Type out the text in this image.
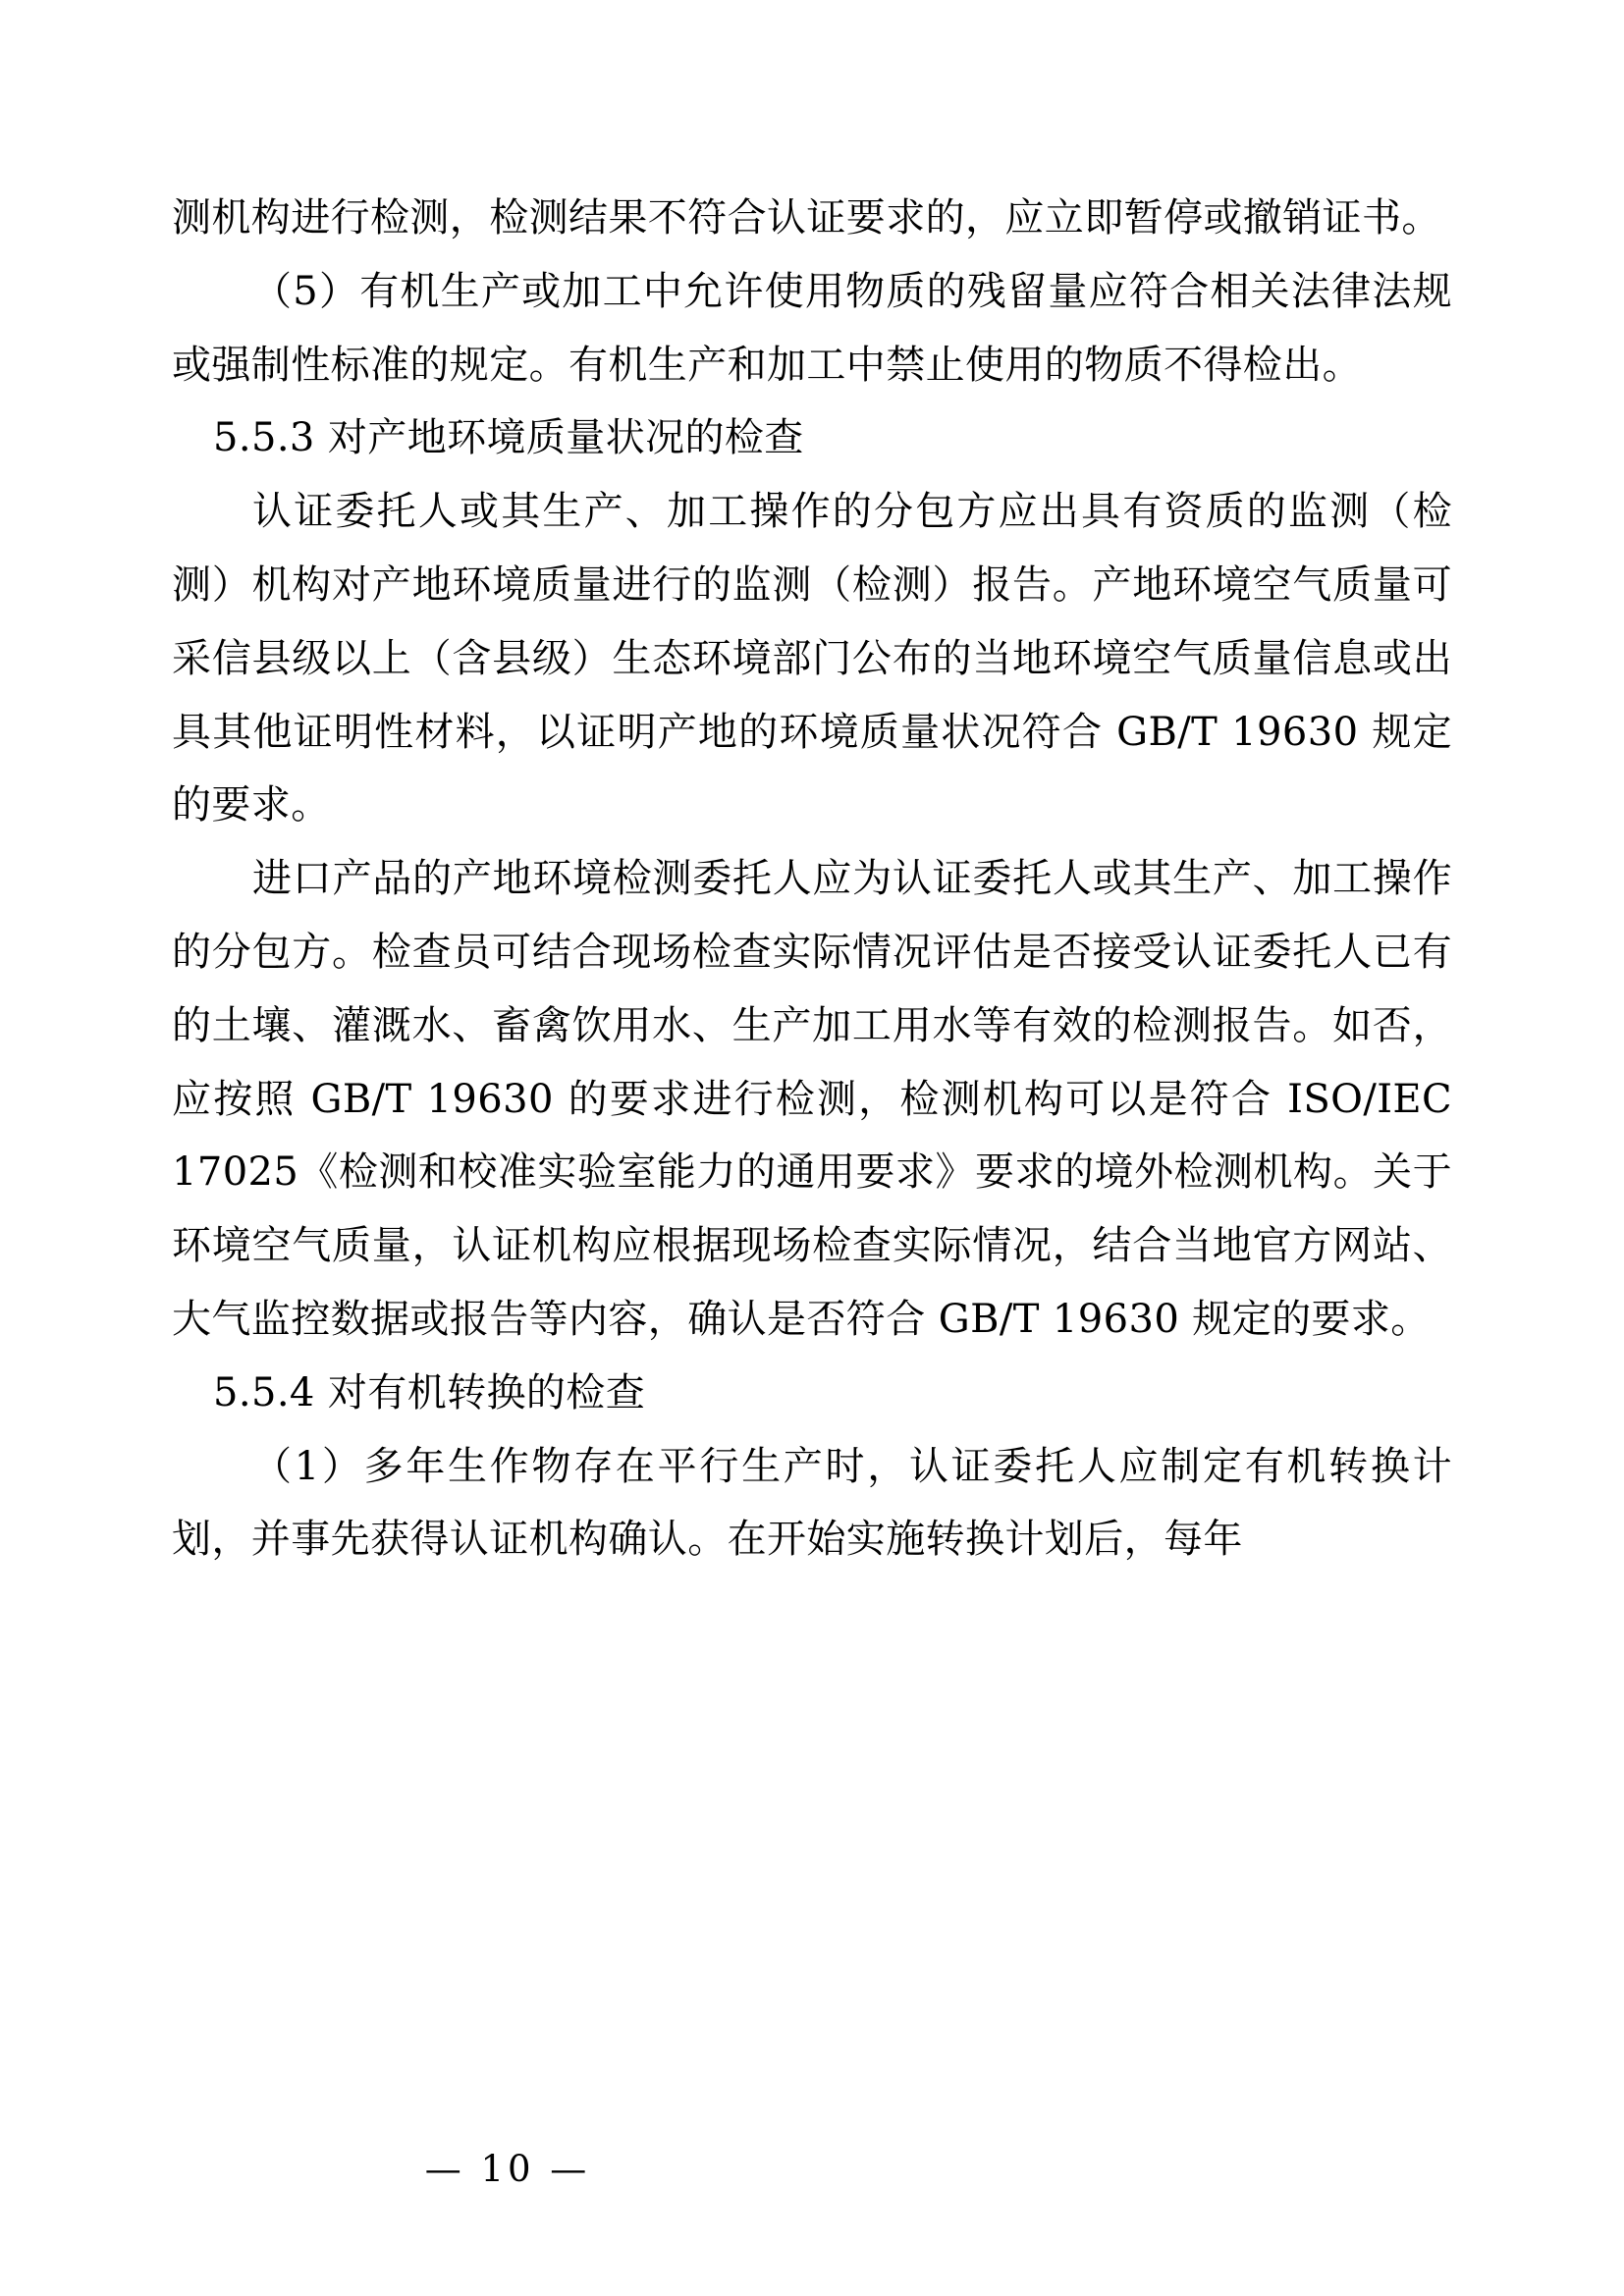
测机构进行检测，检测结果不符合认证要求的，应立即暂停或撤销证书。

（5）有机生产或加工中允许使用物质的残留量应符合相关法律法规或强制性标准的规定。有机生产和加工中禁止使用的物质不得检出。

5.5.3 对产地环境质量状况的检查

认证委托人或其生产、加工操作的分包方应出具有资质的监测（检测）机构对产地环境质量进行的监测（检测）报告。产地环境空气质量可采信县级以上（含县级）生态环境部门公布的当地环境空气质量信息或出具其他证明性材料，以证明产地的环境质量状况符合 GB/T 19630 规定的要求。

进口产品的产地环境检测委托人应为认证委托人或其生产、加工操作的分包方。检查员可结合现场检查实际情况评估是否接受认证委托人已有的土壤、灌溉水、畜禽饮用水、生产加工用水等有效的检测报告。如否，应按照 GB/T 19630 的要求进行检测，检测机构可以是符合 ISO/IEC 17025《检测和校准实验室能力的通用要求》要求的境外检测机构。关于环境空气质量，认证机构应根据现场检查实际情况，结合当地官方网站、大气监控数据或报告等内容，确认是否符合 GB/T 19630 规定的要求。

5.5.4 对有机转换的检查

（1）多年生作物存在平行生产时，认证委托人应制定有机转换计划，并事先获得认证机构确认。在开始实施转换计划后，每年

— 10 —
